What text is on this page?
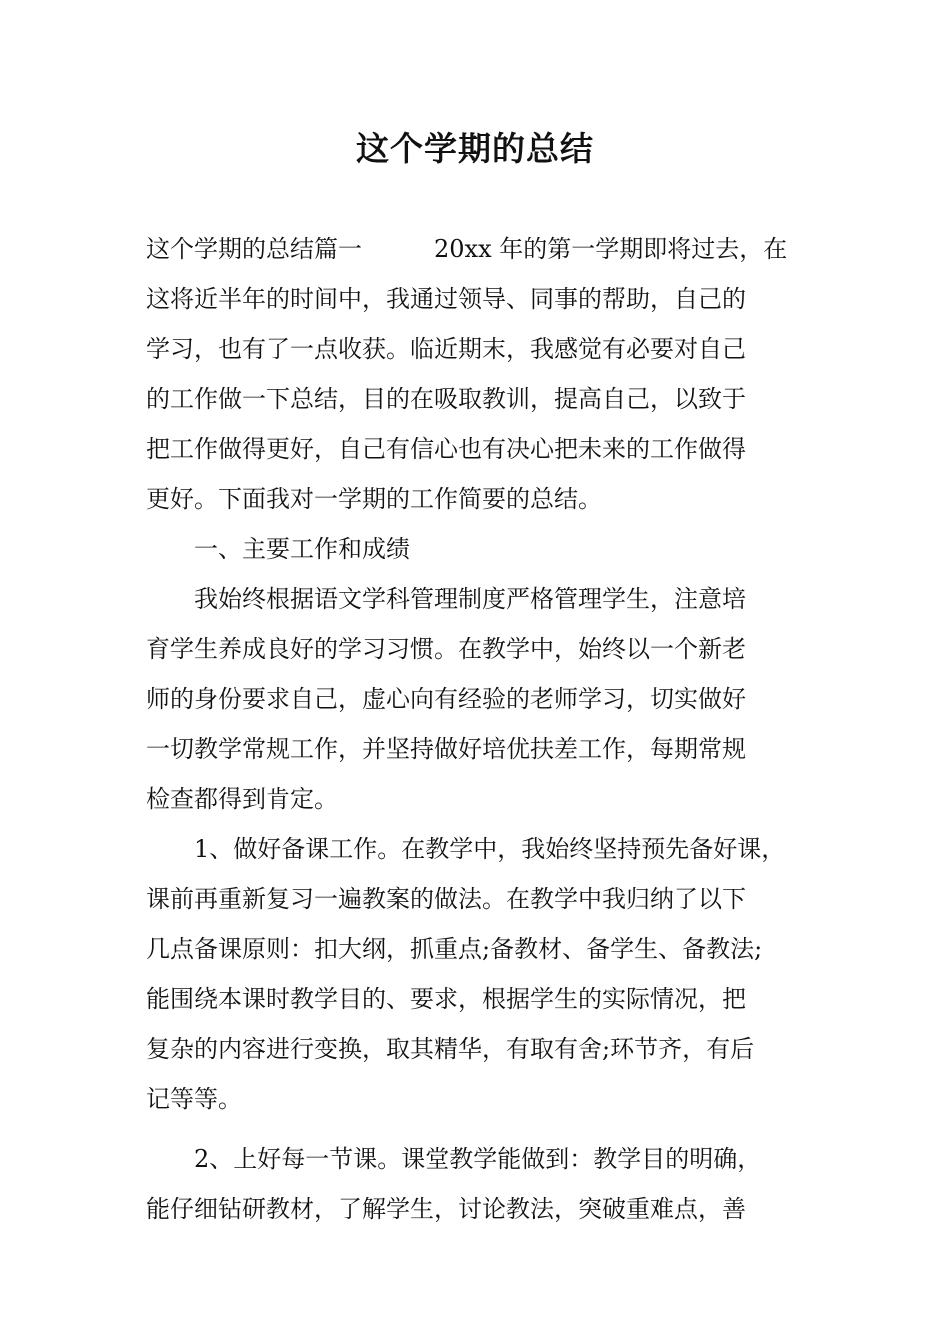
这个学期的总结
这个学期的总结篇一　　　20xx 年的第一学期即将过去，在
这将近半年的时间中，我通过领导、同事的帮助，自己的
学习，也有了一点收获。临近期末，我感觉有必要对自己
的工作做一下总结，目的在吸取教训，提高自己，以致于
把工作做得更好，自己有信心也有决心把未来的工作做得
更好。下面我对一学期的工作简要的总结。
　　一、主要工作和成绩
　　我始终根据语文学科管理制度严格管理学生，注意培
育学生养成良好的学习习惯。在教学中，始终以一个新老
师的身份要求自己，虚心向有经验的老师学习，切实做好
一切教学常规工作，并坚持做好培优扶差工作，每期常规
检查都得到肯定。
　　1、做好备课工作。在教学中，我始终坚持预先备好课，
课前再重新复习一遍教案的做法。在教学中我归纳了以下
几点备课原则：扣大纲，抓重点;备教材、备学生、备教法;
能围绕本课时教学目的、要求，根据学生的实际情况，把
复杂的内容进行变换，取其精华，有取有舍;环节齐，有后
记等等。
　　2、上好每一节课。课堂教学能做到：教学目的明确，
能仔细钻研教材，了解学生，讨论教法，突破重难点，善
